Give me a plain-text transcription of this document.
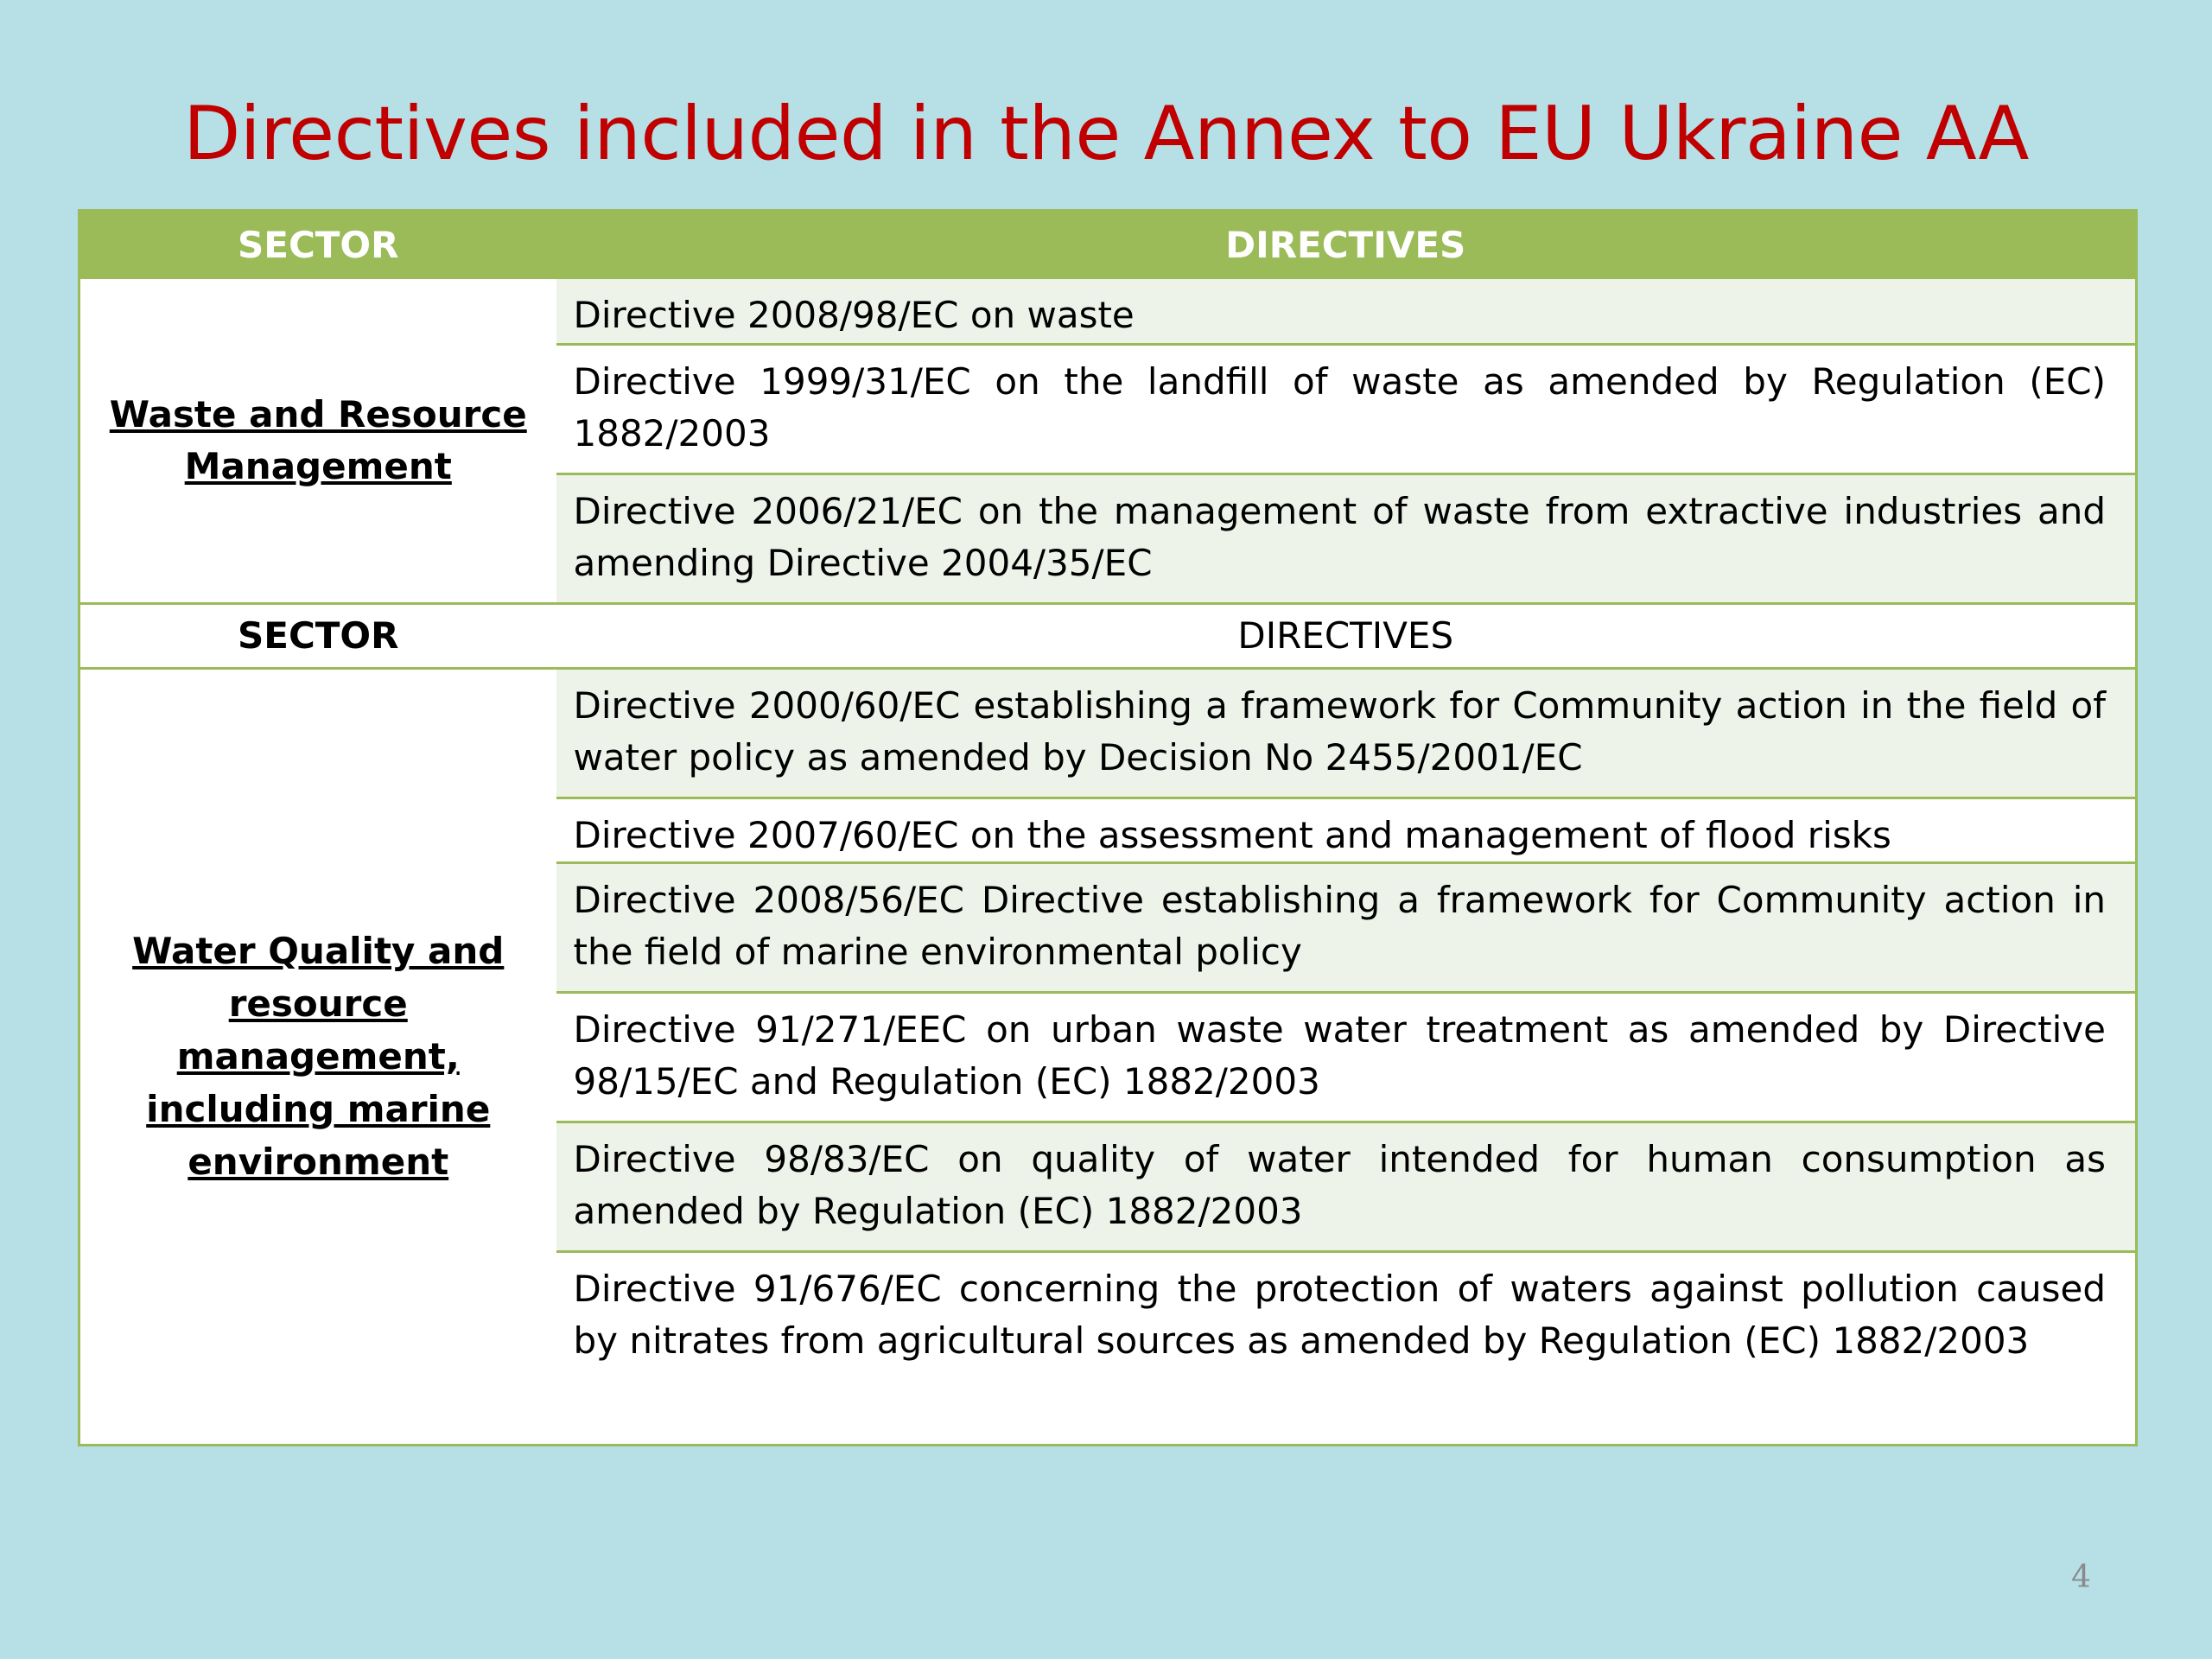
Directives included in the Annex to EU Ukraine AA
SECTOR	DIRECTIVES
Waste and Resource Management	Directive 2008/98/EC on waste
	Directive 1999/31/EC on the landfill of waste as amended by Regulation (EC) 1882/2003
	Directive 2006/21/EC on the management of waste from extractive industries and amending Directive 2004/35/EC
SECTOR	DIRECTIVES
Water Quality and resource management, including marine environment	Directive 2000/60/EC establishing a framework for Community action in the field of water policy as amended by Decision No 2455/2001/EC
	Directive 2007/60/EC on the assessment and management of flood risks
	Directive 2008/56/EC Directive establishing a framework for Community action in the field of marine environmental policy
	Directive 91/271/EEC on urban waste water treatment as amended by Directive 98/15/EC and Regulation (EC) 1882/2003
	Directive 98/83/EC on quality of water intended for human consumption as amended by Regulation (EC) 1882/2003
	Directive 91/676/EC concerning the protection of waters against pollution caused by nitrates from agricultural sources as amended by Regulation (EC) 1882/2003
4
